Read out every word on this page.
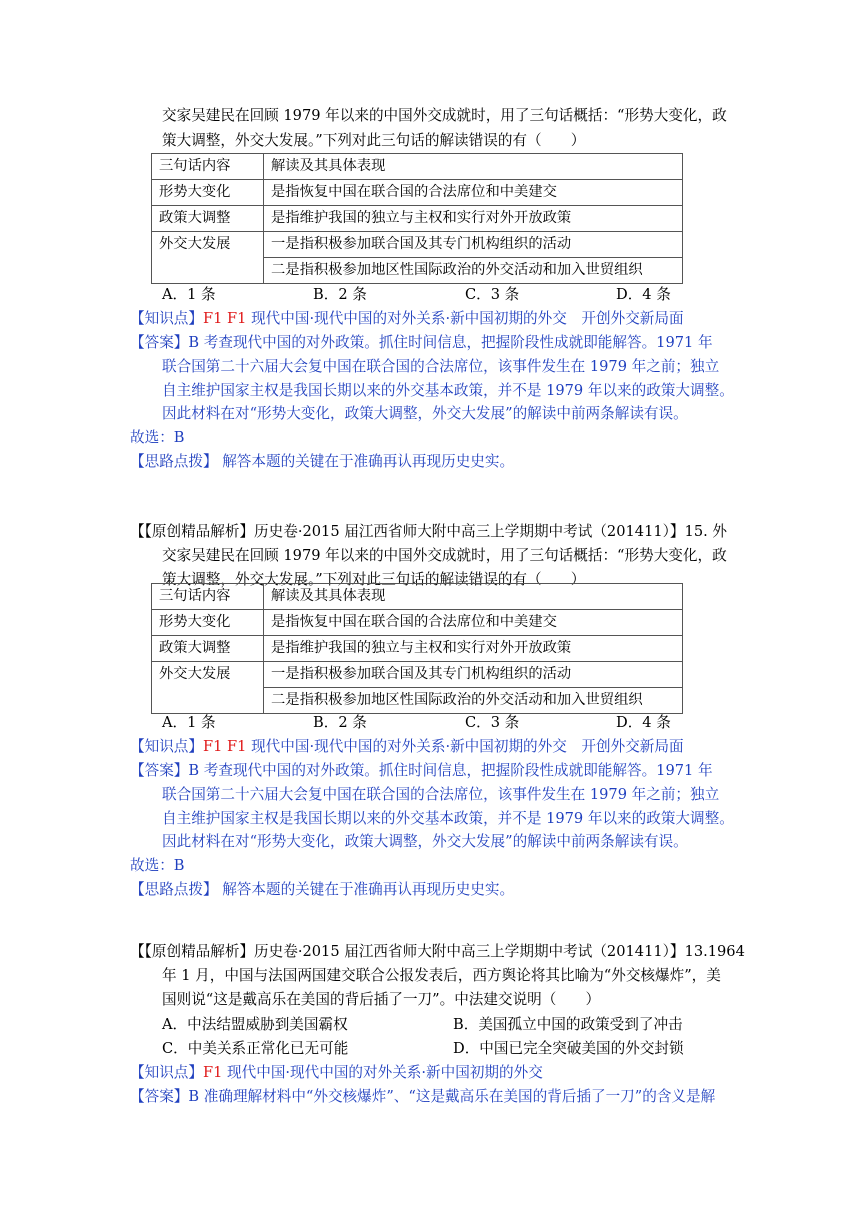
交家吴建民在回顾 1979 年以来的中国外交成就时，用了三句话概括：“形势大变化，政
策大调整，外交大发展。”下列对此三句话的解读错误的有（　　）
三句话内容	解读及其具体表现
形势大变化	是指恢复中国在联合国的合法席位和中美建交
政策大调整	是指维护我国的独立与主权和实行对外开放政策
外交大发展	一是指积极参加联合国及其专门机构组织的活动
	二是指积极参加地区性国际政治的外交活动和加入世贸组织
A．1 条	B．2 条	C．3 条	D．4 条
【知识点】F1 F1 现代中国·现代中国的对外关系·新中国初期的外交　开创外交新局面
【答案】B 考查现代中国的对外政策。抓住时间信息，把握阶段性成就即能解答。1971 年
联合国第二十六届大会复中国在联合国的合法席位，该事件发生在 1979 年之前；独立
自主维护国家主权是我国长期以来的外交基本政策，并不是 1979 年以来的政策大调整。
因此材料在对“形势大变化，政策大调整，外交大发展”的解读中前两条解读有误。
故选：B
【思路点拨】 解答本题的关键在于准确再认再现历史史实。
【【原创精品解析】历史卷·2015 届江西省师大附中高三上学期期中考试（201411）】15. 外
交家吴建民在回顾 1979 年以来的中国外交成就时，用了三句话概括：“形势大变化，政
策大调整，外交大发展。”下列对此三句话的解读错误的有（　　）
三句话内容	解读及其具体表现
形势大变化	是指恢复中国在联合国的合法席位和中美建交
政策大调整	是指维护我国的独立与主权和实行对外开放政策
外交大发展	一是指积极参加联合国及其专门机构组织的活动
	二是指积极参加地区性国际政治的外交活动和加入世贸组织
A．1 条	B．2 条	C．3 条	D．4 条
【知识点】F1 F1 现代中国·现代中国的对外关系·新中国初期的外交　开创外交新局面
【答案】B 考查现代中国的对外政策。抓住时间信息，把握阶段性成就即能解答。1971 年
联合国第二十六届大会复中国在联合国的合法席位，该事件发生在 1979 年之前；独立
自主维护国家主权是我国长期以来的外交基本政策，并不是 1979 年以来的政策大调整。
因此材料在对“形势大变化，政策大调整，外交大发展”的解读中前两条解读有误。
故选：B
【思路点拨】 解答本题的关键在于准确再认再现历史史实。
【【原创精品解析】历史卷·2015 届江西省师大附中高三上学期期中考试（201411）】13.1964
年 1 月，中国与法国两国建交联合公报发表后，西方舆论将其比喻为“外交核爆炸”，美
国则说“这是戴高乐在美国的背后插了一刀”。中法建交说明（　　）
A．中法结盟威胁到美国霸权	B．美国孤立中国的政策受到了冲击
C．中美关系正常化已无可能	D．中国已完全突破美国的外交封锁
【知识点】F1 现代中国·现代中国的对外关系·新中国初期的外交
【答案】B 准确理解材料中“外交核爆炸”、“这是戴高乐在美国的背后插了一刀”的含义是解
